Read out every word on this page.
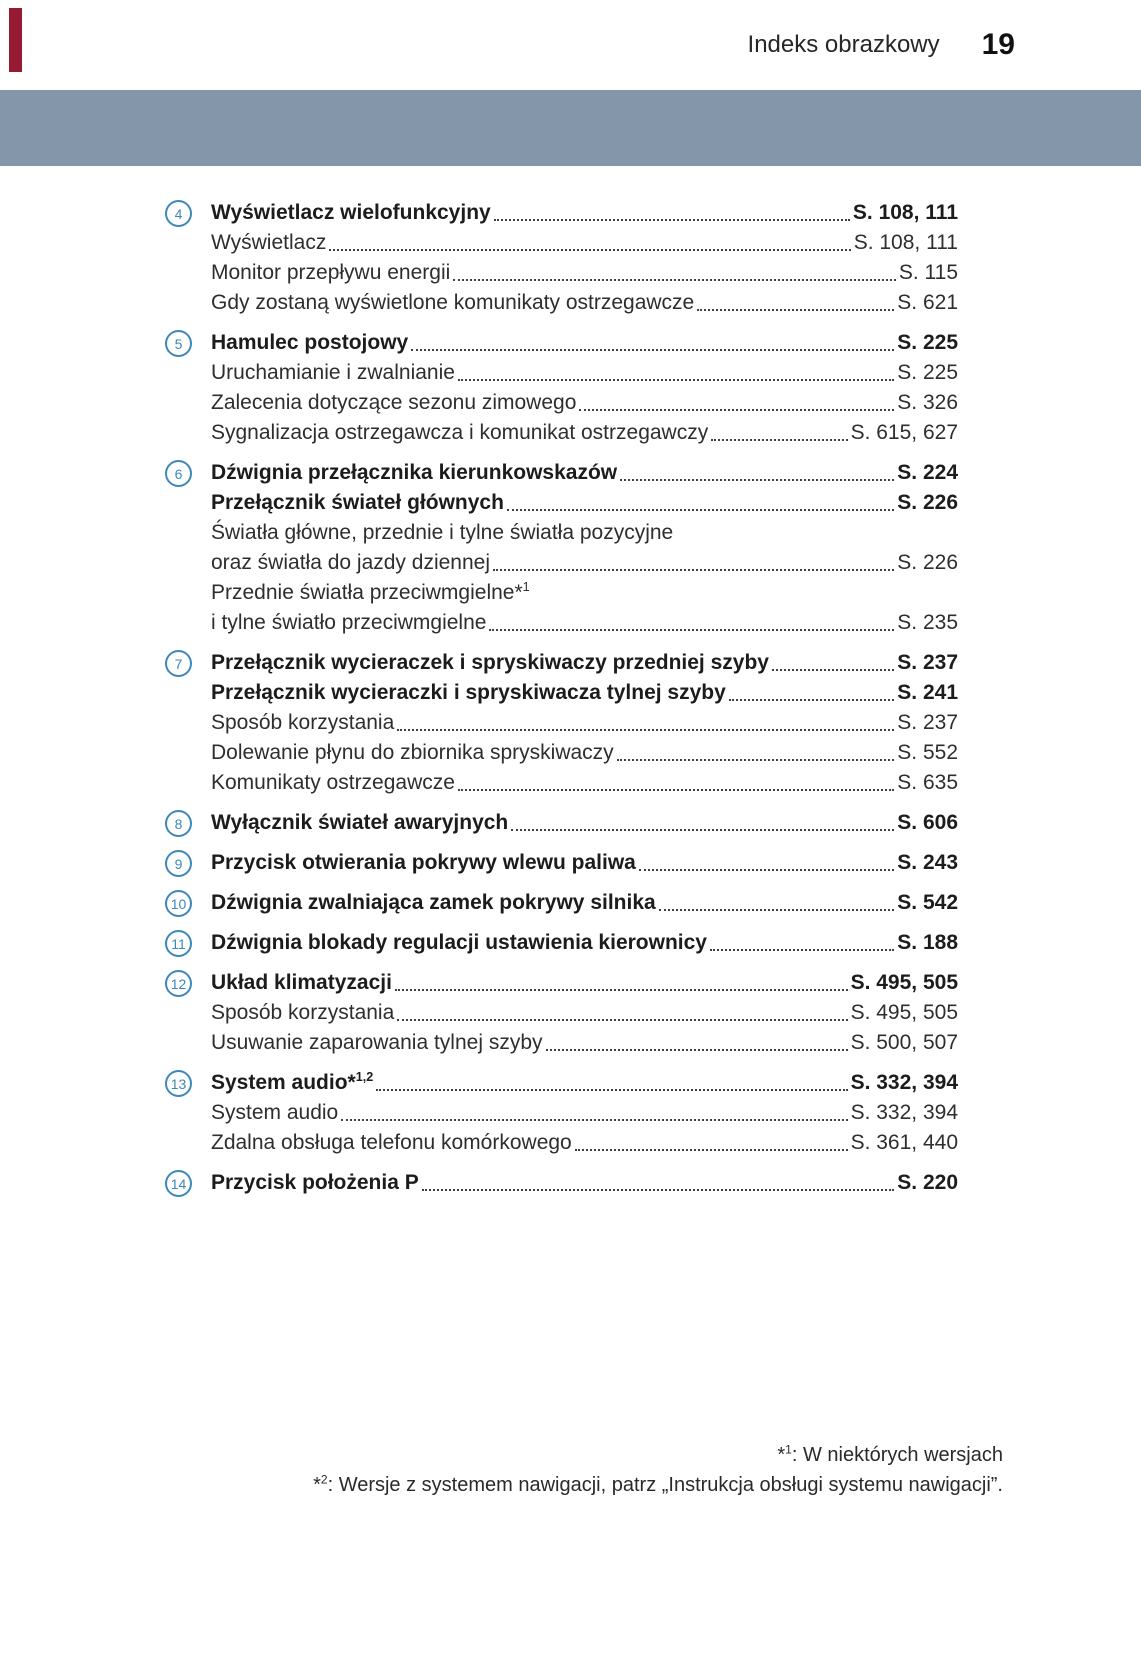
Indeks obrazkowy 19
4	Wyświetlacz wielofunkcyjny	S. 108, 111
Wyświetlacz	S. 108, 111
Monitor przepływu energii	S. 115
Gdy zostaną wyświetlone komunikaty ostrzegawcze	S. 621
5	Hamulec postojowy	S. 225
Uruchamianie i zwalnianie	S. 225
Zalecenia dotyczące sezonu zimowego	S. 326
Sygnalizacja ostrzegawcza i komunikat ostrzegawczy	S. 615, 627
6	Dźwignia przełącznika kierunkowskazów	S. 224
Przełącznik świateł głównych	S. 226
Światła główne, przednie i tylne światła pozycyjne
oraz światła do jazdy dziennej	S. 226
Przednie światła przeciwmgielne*$^1$
i tylne światło przeciwmgielne	S. 235
7	Przełącznik wycieraczek i spryskiwaczy przedniej szyby	S. 237
Przełącznik wycieraczki i spryskiwacza tylnej szyby	S. 241
Sposób korzystania	S. 237
Dolewanie płynu do zbiornika spryskiwaczy	S. 552
Komunikaty ostrzegawcze	S. 635
8	Wyłącznik świateł awaryjnych	S. 606
9	Przycisk otwierania pokrywy wlewu paliwa	S. 243
10 Dźwignia zwalniająca zamek pokrywy silnika	S. 542
11 Dźwignia blokady regulacji ustawienia kierownicy	S. 188
12 Układ klimatyzacji	S. 495, 505
Sposób korzystania	S. 495, 505
Usuwanie zaparowania tylnej szyby	S. 500, 507
13 System audio*$^{1,2}$	S. 332, 394
System audio	S. 332, 394
Zdalna obsługa telefonu komórkowego	S. 361, 440
14 Przycisk położenia P	S. 220
*$^1$: W niektórych wersjach
*$^2$: Wersje z systemem nawigacji, patrz „Instrukcja obsługi systemu nawigacji”.
